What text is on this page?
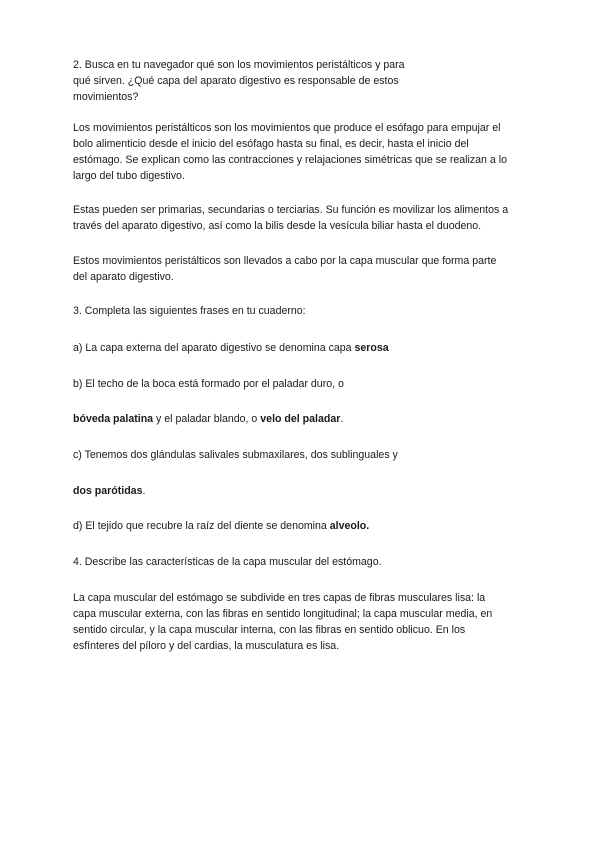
2. Busca en tu navegador qué son los movimientos peristálticos y para

qué sirven. ¿Qué capa del aparato digestivo es responsable de estos

movimientos?

Los movimientos peristálticos son los movimientos que produce el esófago para empujar el

bolo alimenticio desde el inicio del esófago hasta su final, es decir, hasta el inicio del

estómago. Se explican como las contracciones y relajaciones simétricas que se realizan a lo

largo del tubo digestivo.

Estas pueden ser primarias, secundarias o terciarias. Su función es movilizar los alimentos a

través del aparato digestivo, así como la bilis desde la vesícula biliar hasta el duodeno.

Estos movimientos peristálticos son llevados a cabo por la capa muscular que forma parte

del aparato digestivo.

3. Completa las siguientes frases en tu cuaderno:

a) La capa externa del aparato digestivo se denomina capa serosa

b) El techo de la boca está formado por el paladar duro, o

bóveda palatina y el paladar blando, o velo del paladar.

c) Tenemos dos glándulas salivales submaxilares, dos sublinguales y

dos parótidas.

d) El tejido que recubre la raíz del diente se denomina alveolo.

4. Describe las características de la capa muscular del estómago.

La capa muscular del estómago se subdivide en tres capas de fibras musculares lisa: la

capa muscular externa, con las fibras en sentido longitudinal; la capa muscular media, en

sentido circular, y la capa muscular interna, con las fibras en sentido oblicuo. En los

esfínteres del píloro y del cardias, la musculatura es lisa.
